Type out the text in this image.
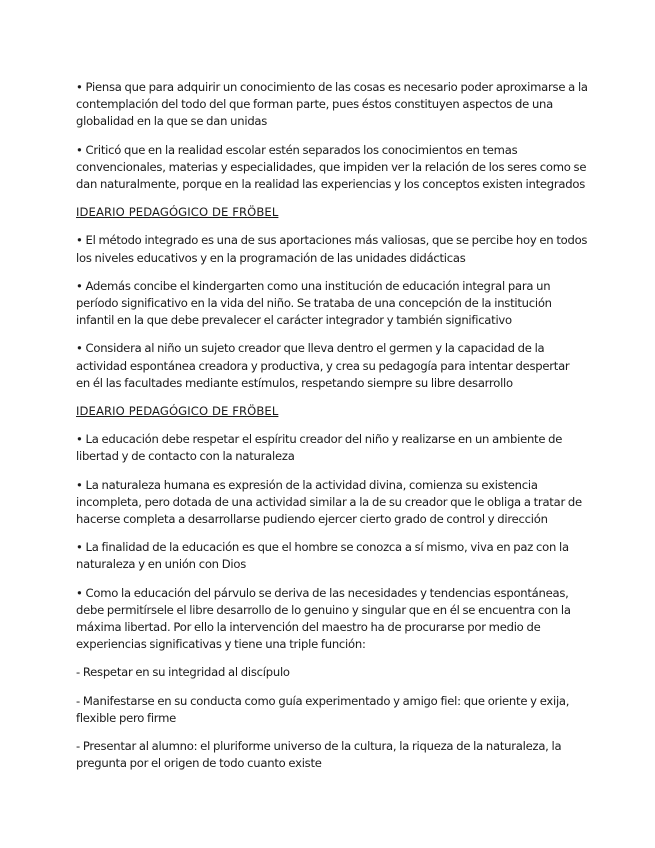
• Piensa que para adquirir un conocimiento de las cosas es necesario poder aproximarse a la
contemplación del todo del que forman parte, pues éstos constituyen aspectos de una
globalidad en la que se dan unidas

• Criticó que en la realidad escolar estén separados los conocimientos en temas
convencionales, materias y especialidades, que impiden ver la relación de los seres como se
dan naturalmente, porque en la realidad las experiencias y los conceptos existen integrados

IDEARIO PEDAGÓGICO DE FRÖBEL

• El método integrado es una de sus aportaciones más valiosas, que se percibe hoy en todos
los niveles educativos y en la programación de las unidades didácticas

• Además concibe el kindergarten como una institución de educación integral para un
período significativo en la vida del niño. Se trataba de una concepción de la institución
infantil en la que debe prevalecer el carácter integrador y también significativo

• Considera al niño un sujeto creador que lleva dentro el germen y la capacidad de la
actividad espontánea creadora y productiva, y crea su pedagogía para intentar despertar
en él las facultades mediante estímulos, respetando siempre su libre desarrollo

IDEARIO PEDAGÓGICO DE FRÖBEL

• La educación debe respetar el espíritu creador del niño y realizarse en un ambiente de
libertad y de contacto con la naturaleza

• La naturaleza humana es expresión de la actividad divina, comienza su existencia
incompleta, pero dotada de una actividad similar a la de su creador que le obliga a tratar de
hacerse completa a desarrollarse pudiendo ejercer cierto grado de control y dirección

• La finalidad de la educación es que el hombre se conozca a sí mismo, viva en paz con la
naturaleza y en unión con Dios

• Como la educación del párvulo se deriva de las necesidades y tendencias espontáneas,
debe permitírsele el libre desarrollo de lo genuino y singular que en él se encuentra con la
máxima libertad. Por ello la intervención del maestro ha de procurarse por medio de
experiencias significativas y tiene una triple función:

- Respetar en su integridad al discípulo

- Manifestarse en su conducta como guía experimentado y amigo fiel: que oriente y exija,
flexible pero firme

- Presentar al alumno: el pluriforme universo de la cultura, la riqueza de la naturaleza, la
pregunta por el origen de todo cuanto existe
